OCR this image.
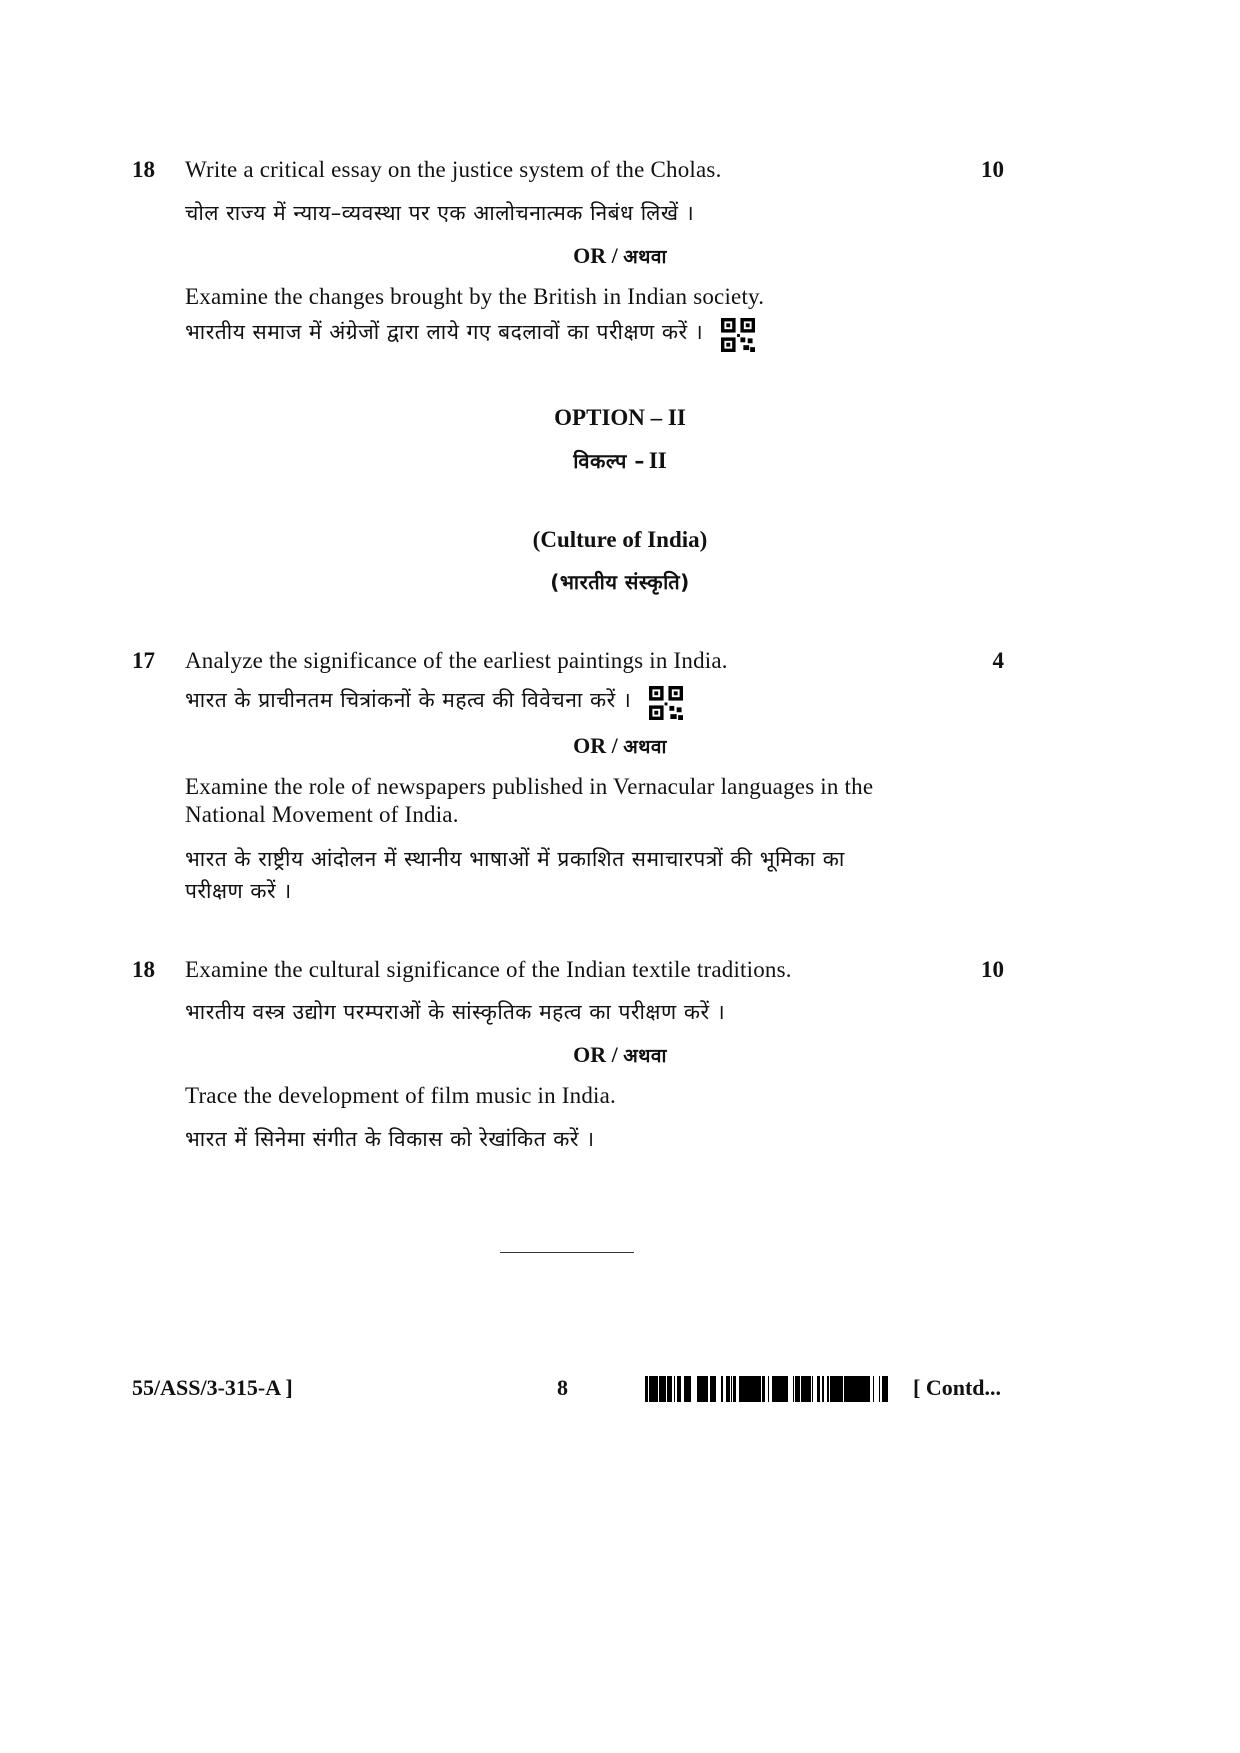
18 Write a critical essay on the justice system of the Cholas.	10
चोल राज्य में न्याय–व्यवस्था पर एक आलोचनात्मक निबंध लिखें ।
OR / अथवा
Examine the changes brought by the British in Indian society.
भारतीय समाज में अंग्रेजों द्वारा लाये गए बदलावों का परीक्षण करें ।
OPTION – II
विकल्प – II
(Culture of India)
(भारतीय संस्कृति)
17 Analyze the significance of the earliest paintings in India.	4
भारत के प्राचीनतम चित्रांकनों के महत्व की विवेचना करें ।
OR / अथवा
Examine the role of newspapers published in Vernacular languages in the
National Movement of India.
भारत के राष्ट्रीय आंदोलन में स्थानीय भाषाओं में प्रकाशित समाचारपत्रों की भूमिका का
परीक्षण करें ।
18 Examine the cultural significance of the Indian textile traditions.	10
भारतीय वस्त्र उद्योग परम्पराओं के सांस्कृतिक महत्व का परीक्षण करें ।
OR / अथवा
Trace the development of film music in India.
भारत में सिनेमा संगीत के विकास को रेखांकित करें ।
55/ASS/3-315-A ]	8	[ Contd...
